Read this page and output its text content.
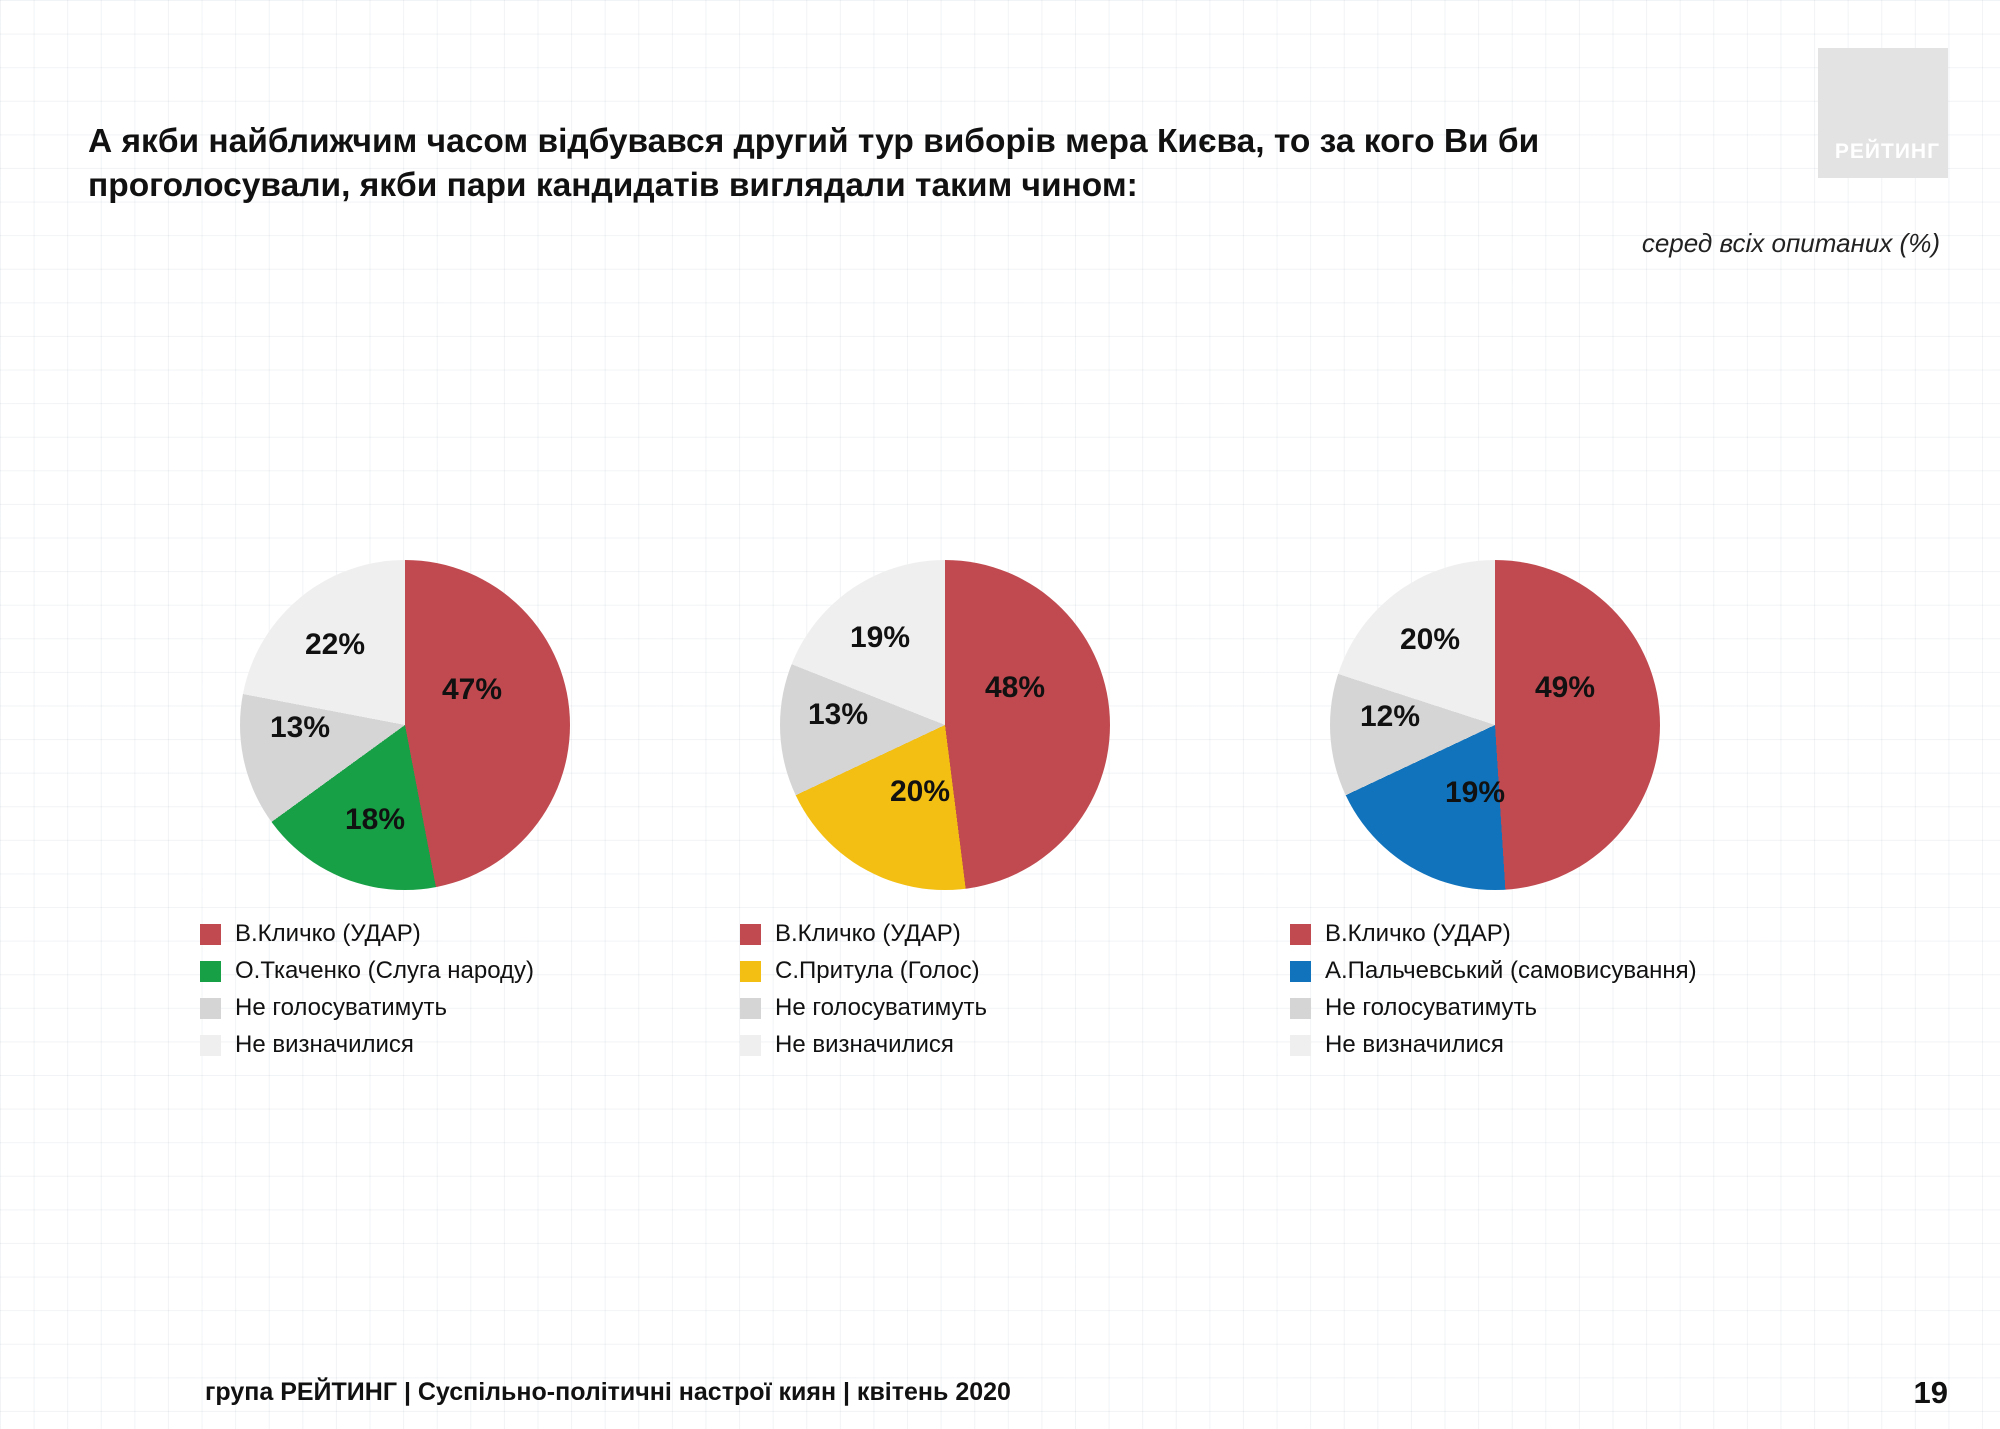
РЕЙТИНГ
А якби найближчим часом відбувався другий тур виборів мера Києва, то за кого Ви би проголосували, якби пари кандидатів виглядали таким чином:
серед всіх опитаних (%)
47%
18%
13%
22%
В.Кличко (УДАР)
О.Ткаченко (Слуга народу)
Не голосуватимуть
Не визначилися
48%
20%
13%
19%
В.Кличко (УДАР)
С.Притула (Голос)
Не голосуватимуть
Не визначилися
49%
19%
12%
20%
В.Кличко (УДАР)
А.Пальчевський (самовисування)
Не голосуватимуть
Не визначилися
група РЕЙТИНГ | Суспільно-політичні настрої киян | квітень 2020	19
